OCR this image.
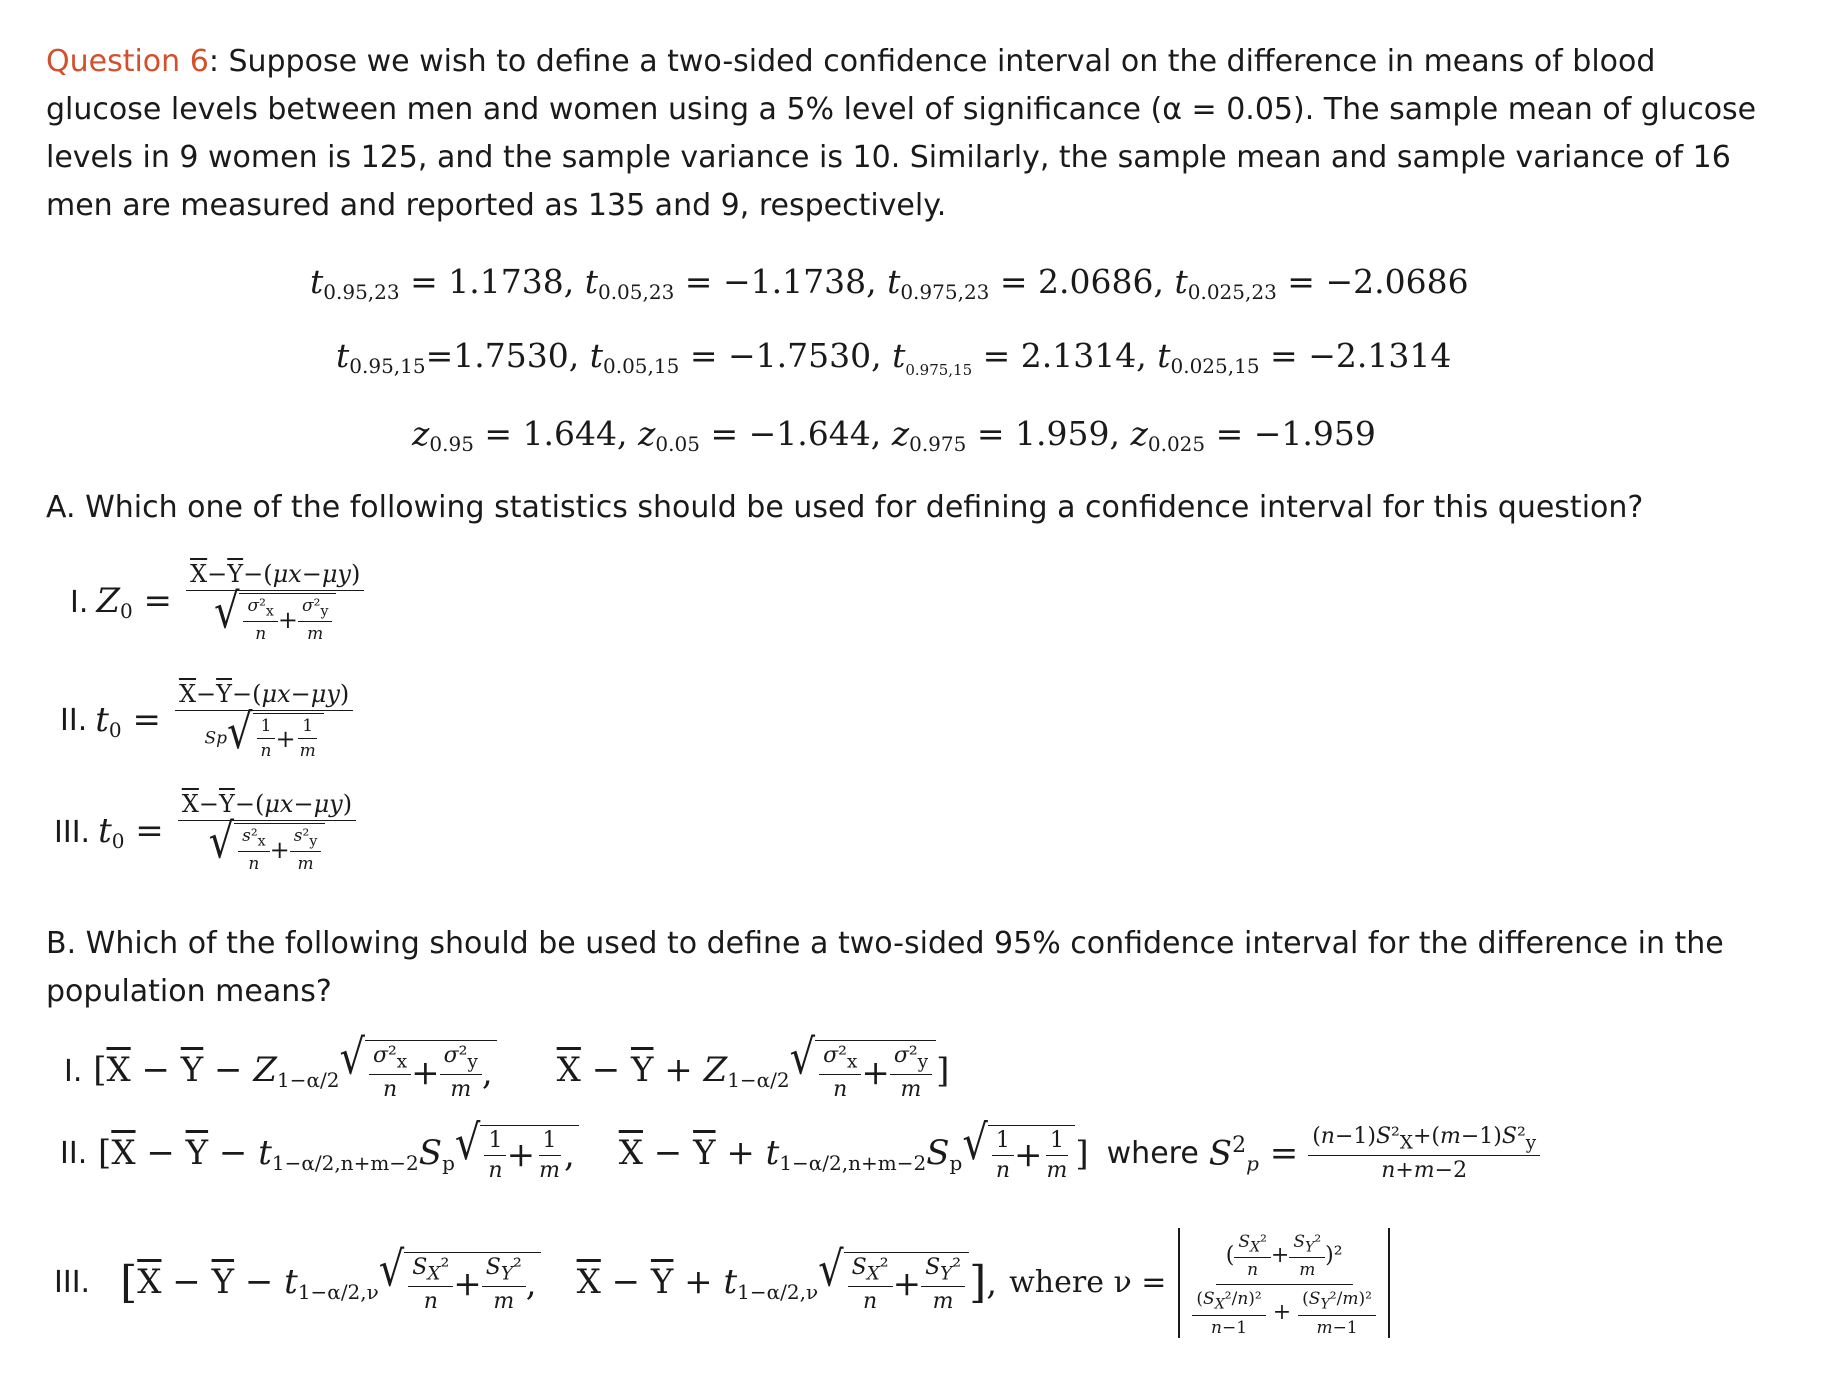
Question 6: Suppose we wish to define a two-sided confidence interval on the difference in means of blood glucose levels between men and women using a 5% level of significance (α = 0.05). The sample mean of glucose levels in 9 women is 125, and the sample variance is 10. Similarly, the sample mean and sample variance of 16 men are measured and reported as 135 and 9, respectively.
$t_{0.95,23} = 1.1738$, $t_{0.05,23} = -1.1738$, $t_{0.975,23} = 2.0686$, $t_{0.025,23} = -2.0686$
$t_{0.95,15}=1.7530$, $t_{0.05,15} = -1.7530$, $t_{0.975,15} = 2.1314$, $t_{0.025,15} = -2.1314$
$z_{0.95} = 1.644$, $z_{0.05} = -1.644$, $z_{0.975} = 1.959$, $z_{0.025} = -1.959$
A. Which one of the following statistics should be used for defining a confidence interval for this question?
I. $Z_0 = \frac{\overline{X}-\overline{Y}-(\mu x-\mu y)}{√ \frac{\sigma^2_x}{n} + \frac{\sigma^2_y}{m}}$
II. $t_0 = \frac{\overline{X}-\overline{Y}-(\mu x-\mu y)}{Sp √ \frac{1}{n} + \frac{1}{m}}$
III. $t_0 = \frac{\overline{X}-\overline{Y}-(\mu x-\mu y)}{√ \frac{s^2_x}{n} + \frac{s^2_y}{m}}$
B. Which of the following should be used to define a two-sided 95% confidence interval for the difference in the population means?
I. [$\overline{X} - \overline{Y} - Z_{1-\alpha/2}$ √ $\frac{\sigma^2_x}{n} + \frac{\sigma^2_y}{m}$ , $\overline{X} - \overline{Y} + Z_{1-\alpha/2}$ √ $\frac{\sigma^2_x}{n} + \frac{\sigma^2_y}{m}$ ]
II. [$\overline{X} - \overline{Y} - t_{1-\alpha/2,n+m-2}S_p$ √ $\frac{1}{n} + \frac{1}{m}$ , $\overline{X} - \overline{Y} + t_{1-\alpha/2,n+m-2}S_p$ √ $\frac{1}{n} + \frac{1}{m}$ ] where $S^2_p = \frac{(n-1)S^2_X+(m-1)S^2_y}{n+m-2}$
III. [ $\overline{X} - \overline{Y} - t_{1-\alpha/2,\nu}$ √ $\frac{S_X^2}{n} + \frac{S_Y^2}{m}$ , $\overline{X} - \overline{Y} + t_{1-\alpha/2,\nu}$ √ $\frac{S_X^2}{n} + \frac{S_Y^2}{m}$ ] , where $\nu = \frac{( \frac{S_X^2}{n} + \frac{S_Y^2}{m} )^2}{\frac{(S_X^2/n)^2}{n-1} + \frac{(S_Y^2/m)^2}{m-1}}$
